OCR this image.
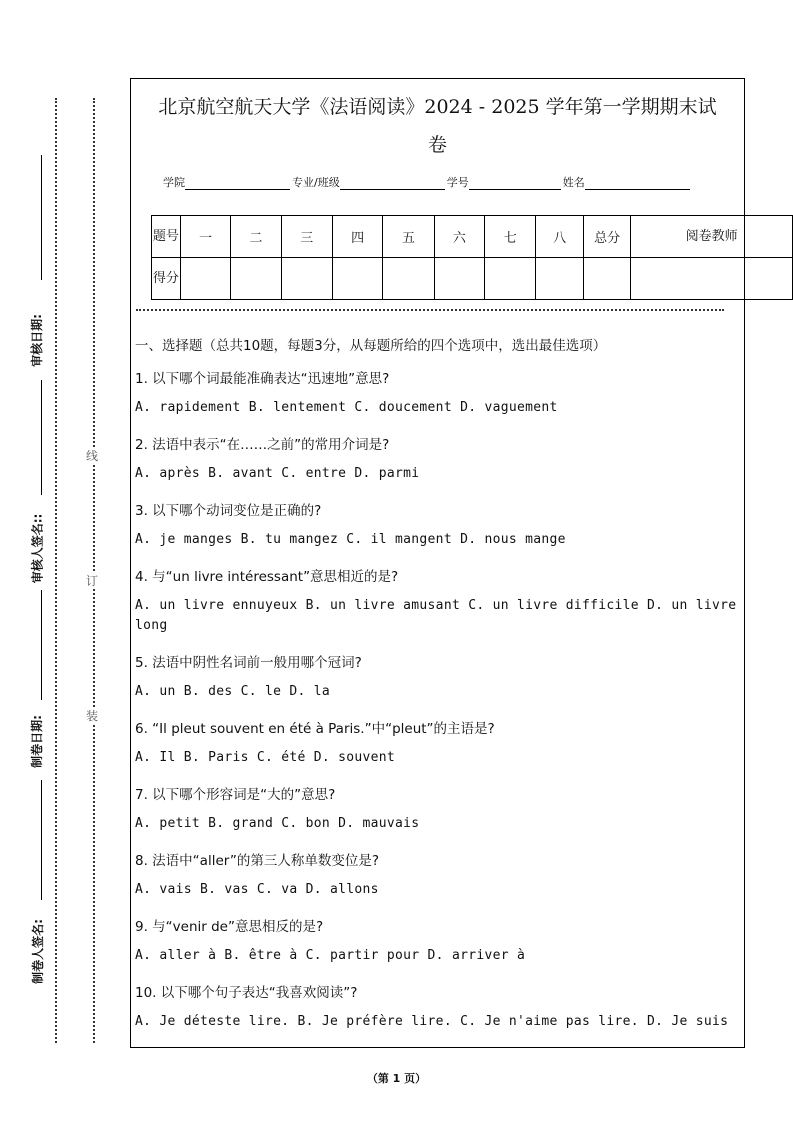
审核日期:
审核人签名::
制卷日期:
制卷人签名:
线
订
装
北京航空航天大学《法语阅读》2024 - 2025 学年第一学期期末试
卷
学院	专业/班级	学号	姓名
题号	一	二	三	四	五	六	七	八	总分	阅卷教师
得分										
一、选择题（总共10题，每题3分，从每题所给的四个选项中，选出最佳选项）
1. 以下哪个词最能准确表达“迅速地”意思?
A. rapidement B. lentement C. doucement D. vaguement
2. 法语中表示“在……之前”的常用介词是?
A. après B. avant C. entre D. parmi
3. 以下哪个动词变位是正确的?
A. je manges B. tu mangez C. il mangent D. nous mange
4. 与“un livre intéressant”意思相近的是?
A. un livre ennuyeux B. un livre amusant C. un livre difficile D. un livre
long
5. 法语中阴性名词前一般用哪个冠词?
A. un B. des C. le D. la
6. “Il pleut souvent en été à Paris.”中“pleut”的主语是?
A. Il B. Paris C. été D. souvent
7. 以下哪个形容词是“大的”意思?
A. petit B. grand C. bon D. mauvais
8. 法语中“aller”的第三人称单数变位是?
A. vais B. vas C. va D. allons
9. 与“venir de”意思相反的是?
A. aller à B. être à C. partir pour D. arriver à
10. 以下哪个句子表达“我喜欢阅读”?
A. Je déteste lire. B. Je préfère lire. C. Je n'aime pas lire. D. Je suis
（第 1 页）
